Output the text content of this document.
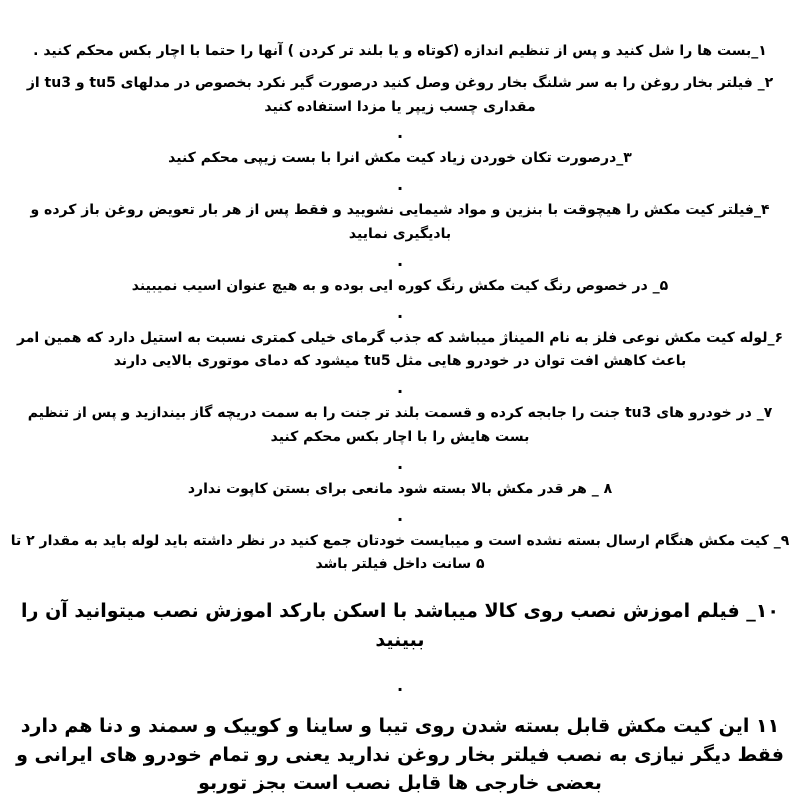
۱_بست ها را شل کنید و پس از تنظیم اندازه (کوتاه و یا بلند تر کردن ) آنها را حتما با اچار بکس محکم کنید .

۲_ فیلتر بخار روغن را به سر شلنگ بخار روغن وصل کنید درصورت گیر نکرد بخصوص در مدلهای tu5 و tu3 از مقداری چسب زیپر یا مزدا استفاده کنید

.

۳_درصورت تکان خوردن زیاد کیت مکش انرا با بست زیپی محکم کنید

.

۴_فیلتر کیت مکش را هیچوقت با بنزین و مواد شیمایی نشویید و فقط پس از هر بار تعویض روغن باز کرده و بادیگیری نمایید

.

۵_ در خصوص رنگ کیت مکش رنگ کوره ایی بوده و به هیچ عنوان اسیب نمیبیند

.

۶_لوله کیت مکش نوعی فلز به نام المیناژ میباشد که جذب گرمای خیلی کمتری نسبت به استیل دارد که همین امر باعث کاهش افت توان در خودرو هایی مثل tu5 میشود که دمای موتوری بالایی دارند

.

۷_ در خودرو های tu3 جنت را جابجه کرده و قسمت بلند تر جنت را به سمت دریچه گاز بیندازید و پس از تنظیم بست هایش را با اچار بکس محکم کنید

.

۸ _ هر قدر مکش بالا بسته شود مانعی برای بستن کاپوت ندارد

.

۹_ کیت مکش هنگام ارسال بسته نشده است و میبایست خودتان جمع کنید در نظر داشته باید لوله باید به مقدار ۲ تا ۵ سانت داخل فیلتر باشد

۱۰_ فیلم اموزش نصب روی کالا میباشد با اسکن بارکد اموزش نصب میتوانید آن را ببینید

.

۱۱ این کیت مکش قابل بسته شدن روی تیبا و ساینا و کوییک و سمند و دنا هم دارد فقط دیگر نیازی به نصب فیلتر بخار روغن ندارید یعنی رو تمام خودرو های ایرانی و بعضی خارجی ها قابل نصب است بجز توربو
